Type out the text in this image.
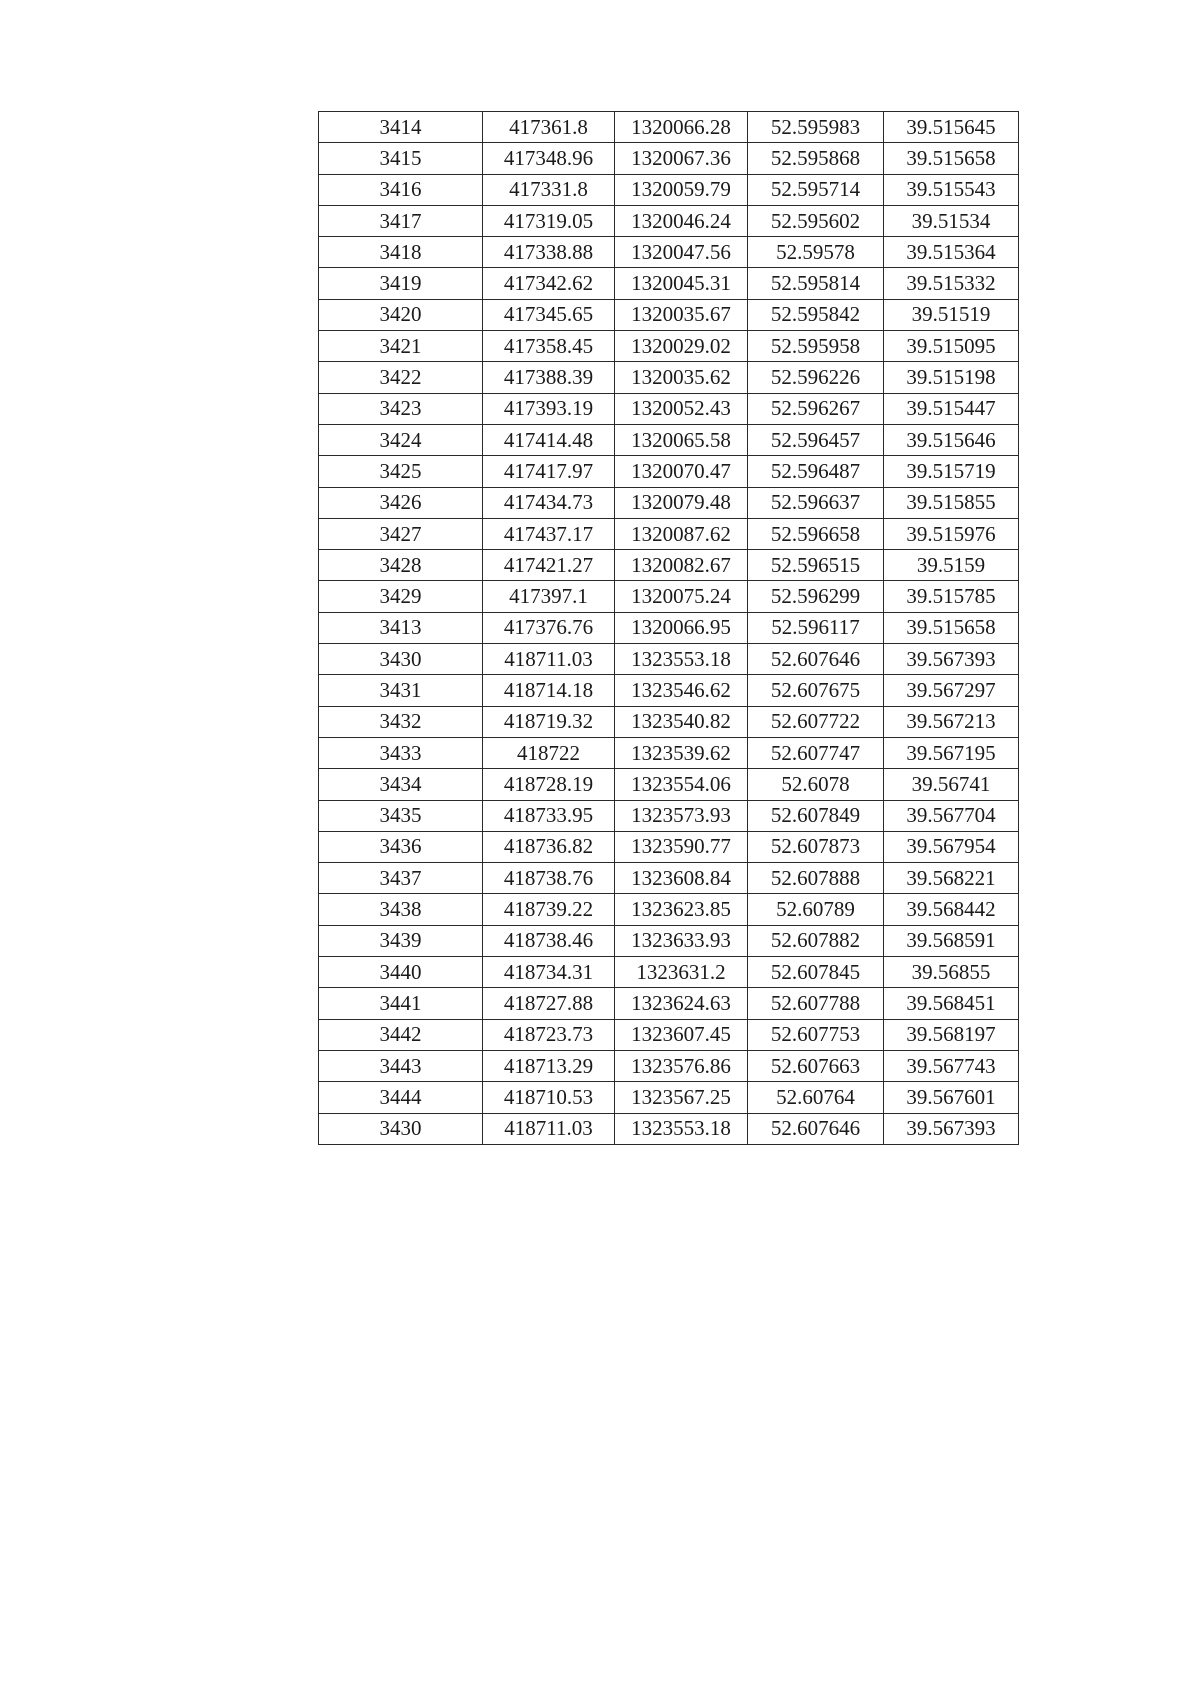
3414	417361.8	1320066.28	52.595983	39.515645
3415	417348.96	1320067.36	52.595868	39.515658
3416	417331.8	1320059.79	52.595714	39.515543
3417	417319.05	1320046.24	52.595602	39.51534
3418	417338.88	1320047.56	52.59578	39.515364
3419	417342.62	1320045.31	52.595814	39.515332
3420	417345.65	1320035.67	52.595842	39.51519
3421	417358.45	1320029.02	52.595958	39.515095
3422	417388.39	1320035.62	52.596226	39.515198
3423	417393.19	1320052.43	52.596267	39.515447
3424	417414.48	1320065.58	52.596457	39.515646
3425	417417.97	1320070.47	52.596487	39.515719
3426	417434.73	1320079.48	52.596637	39.515855
3427	417437.17	1320087.62	52.596658	39.515976
3428	417421.27	1320082.67	52.596515	39.5159
3429	417397.1	1320075.24	52.596299	39.515785
3413	417376.76	1320066.95	52.596117	39.515658
3430	418711.03	1323553.18	52.607646	39.567393
3431	418714.18	1323546.62	52.607675	39.567297
3432	418719.32	1323540.82	52.607722	39.567213
3433	418722	1323539.62	52.607747	39.567195
3434	418728.19	1323554.06	52.6078	39.56741
3435	418733.95	1323573.93	52.607849	39.567704
3436	418736.82	1323590.77	52.607873	39.567954
3437	418738.76	1323608.84	52.607888	39.568221
3438	418739.22	1323623.85	52.60789	39.568442
3439	418738.46	1323633.93	52.607882	39.568591
3440	418734.31	1323631.2	52.607845	39.56855
3441	418727.88	1323624.63	52.607788	39.568451
3442	418723.73	1323607.45	52.607753	39.568197
3443	418713.29	1323576.86	52.607663	39.567743
3444	418710.53	1323567.25	52.60764	39.567601
3430	418711.03	1323553.18	52.607646	39.567393
